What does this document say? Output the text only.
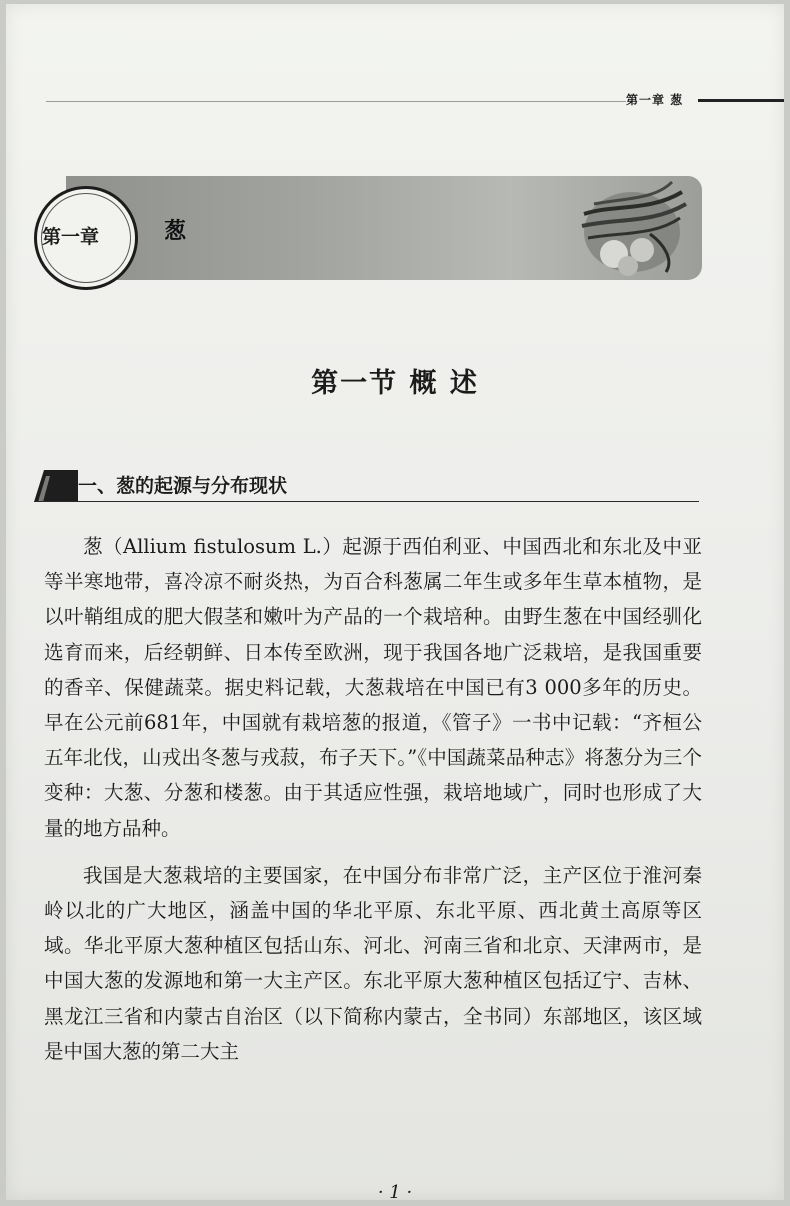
第一章 葱
第一章	葱
第一节 概 述
一、葱的起源与分布现状

葱（Allium fistulosum L.）起源于西伯利亚、中国西北和东北及中亚等半寒地带，喜冷凉不耐炎热，为百合科葱属二年生或多年生草本植物，是以叶鞘组成的肥大假茎和嫩叶为产品的一个栽培种。由野生葱在中国经驯化选育而来，后经朝鲜、日本传至欧洲，现于我国各地广泛栽培，是我国重要的香辛、保健蔬菜。据史料记载，大葱栽培在中国已有3 000多年的历史。早在公元前681年，中国就有栽培葱的报道，《管子》一书中记载：“齐桓公五年北伐，山戎出冬葱与戎菽，布子天下。”《中国蔬菜品种志》将葱分为三个变种：大葱、分葱和楼葱。由于其适应性强，栽培地域广，同时也形成了大量的地方品种。

我国是大葱栽培的主要国家，在中国分布非常广泛，主产区位于淮河秦岭以北的广大地区，涵盖中国的华北平原、东北平原、西北黄土高原等区域。华北平原大葱种植区包括山东、河北、河南三省和北京、天津两市，是中国大葱的发源地和第一大主产区。东北平原大葱种植区包括辽宁、吉林、黑龙江三省和内蒙古自治区（以下简称内蒙古，全书同）东部地区，该区域是中国大葱的第二大主

· 1 ·
